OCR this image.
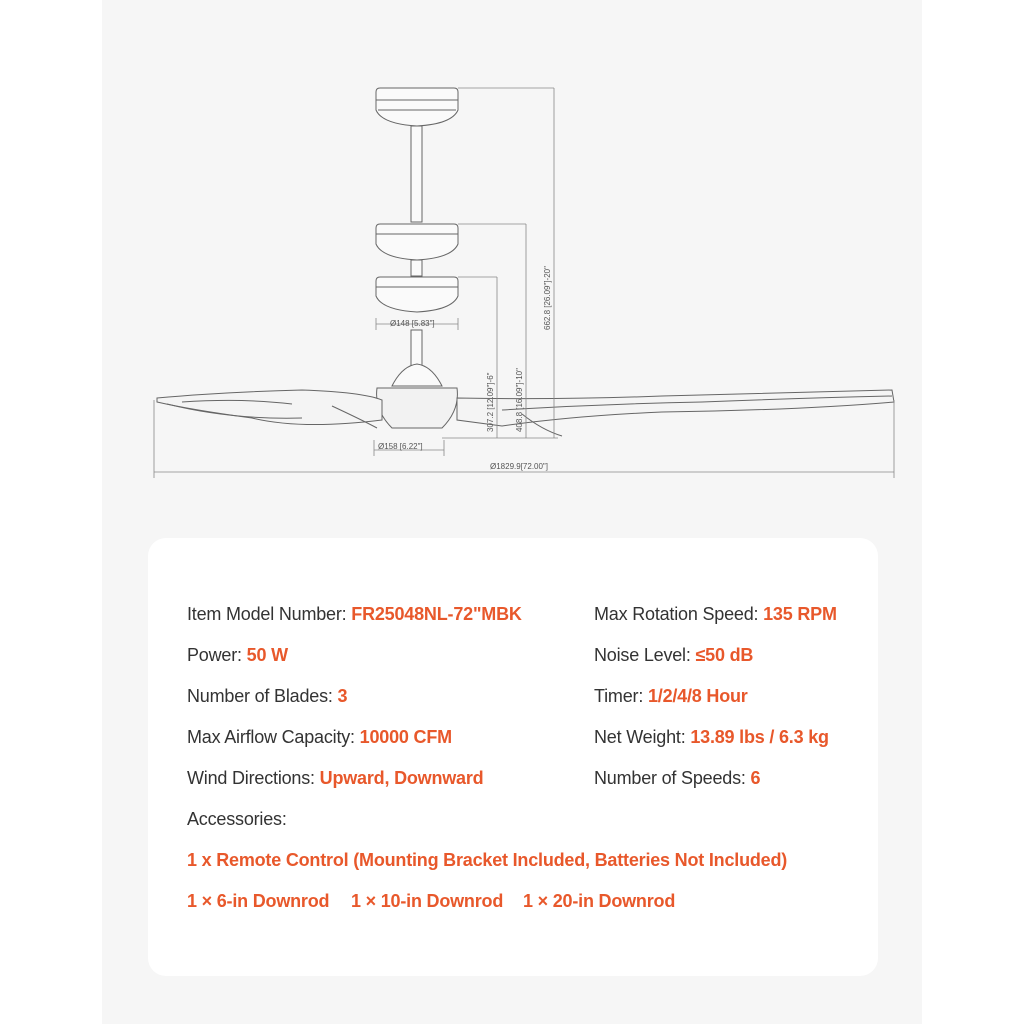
Ø148 [5.83"]
Ø158 [6.22"]
Ø1829.9[72.00"]
307.2 [12.09"]-6"	408.8 [16.09"]-10"
662.8 [26.09"]-20"
Item Model Number: FR25048NL-72"MBK
Power: 50 W
Number of Blades: 3
Max Airflow Capacity: 10000 CFM
Wind Directions: Upward, Downward
Max Rotation Speed: 135 RPM
Noise Level: ≤50 dB
Timer: 1/2/4/8 Hour
Net Weight: 13.89 lbs / 6.3 kg
Number of Speeds: 6
Accessories:
1 x Remote Control (Mounting Bracket Included, Batteries Not Included)
1 × 6-in Downrod 1 × 10-in Downrod 1 × 20-in Downrod
